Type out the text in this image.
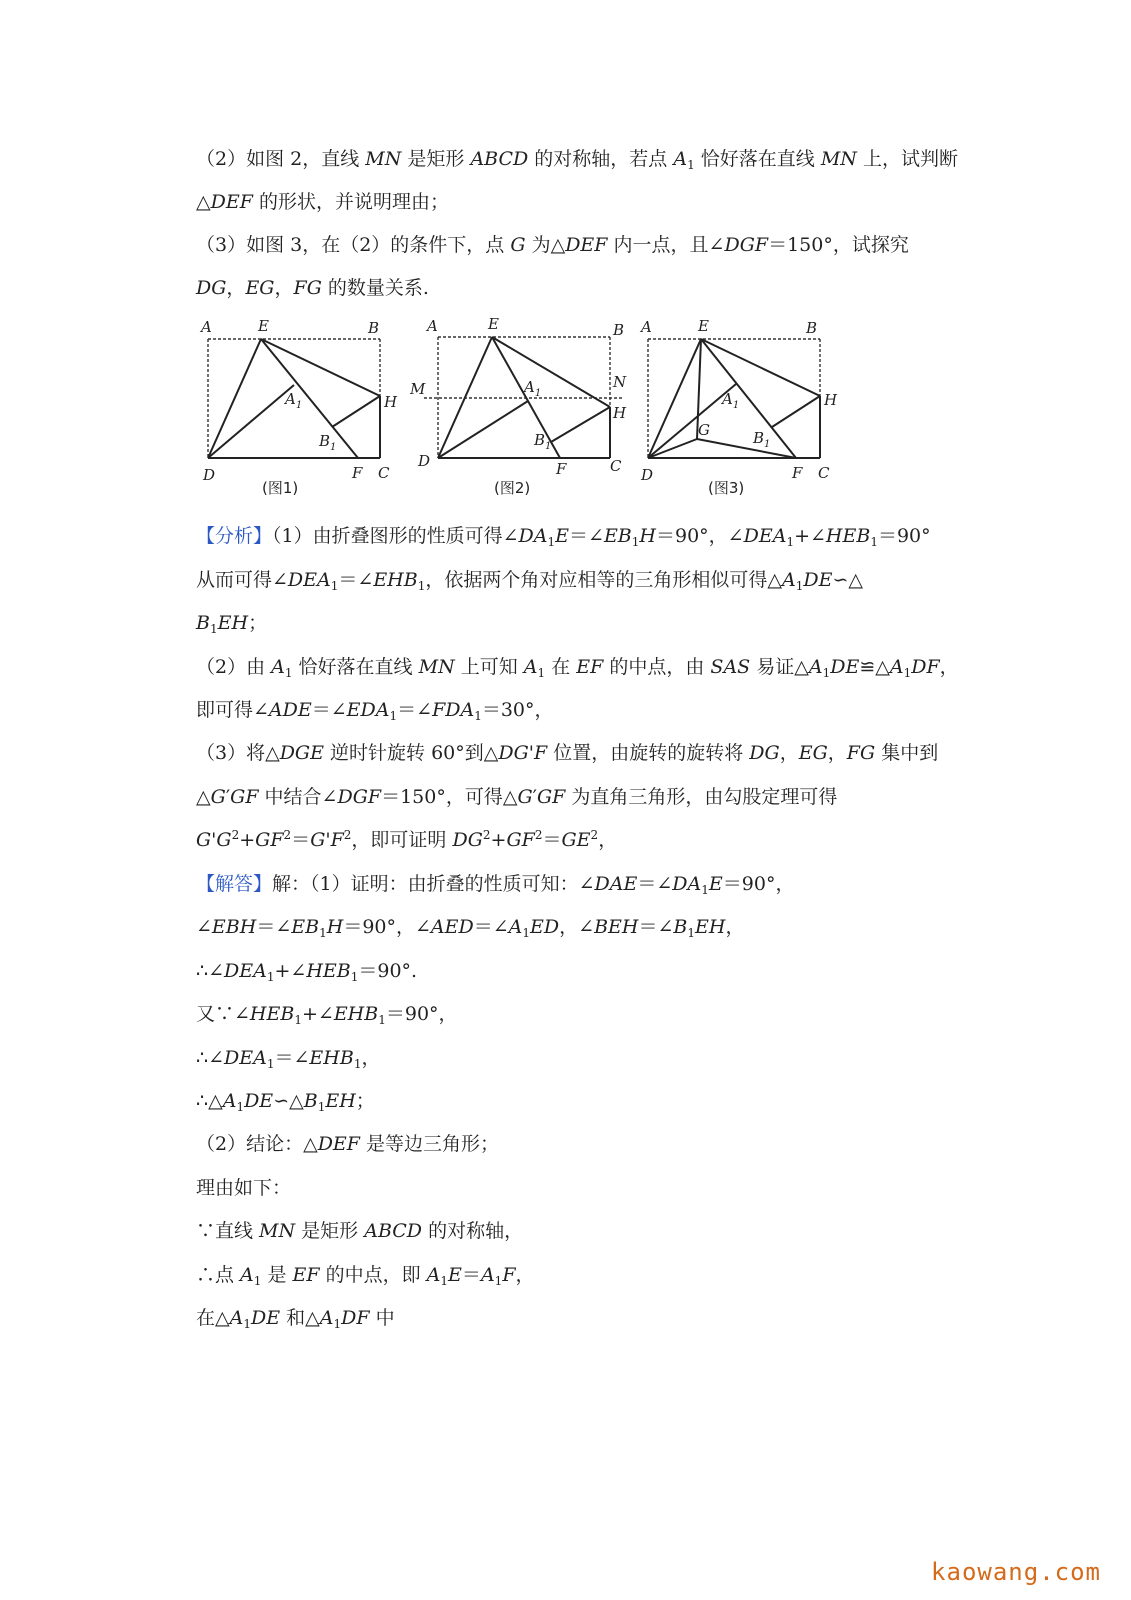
（2）如图 2，直线 MN 是矩形 ABCD 的对称轴，若点 $A_1$ 恰好落在直线 MN 上，试判断
△DEF 的形状，并说明理由；
（3）如图 3，在（2）的条件下，点 G 为△DEF 内一点，且∠DGF＝150°，试探究
DG，EG，FG 的数量关系.
A	E	B
$A_1$	H
$B_1$
D	F C
(图1)
A	E	B
M	$A_1$
N
H
$B_1$
D	F	C
(图2)
A	E	B
$A_1$	H
G	$B_1$
D	F C
(图3)
【分析】（1）由折叠图形的性质可得$\angle DA_1E=\angle EB_1H=90^\circ$，$\angle DEA_1+\angle HEB_1=90^\circ$
从而可得$\angle DEA_1=\angle EHB_1$，依据两个角对应相等的三角形相似可得$\triangle A_1DE∽\triangle$
$B_1EH$；
（2）由 $A_1$ 恰好落在直线 MN 上可知 $A_1$ 在 EF 的中点，由 SAS 易证$\triangle A_1DE≌\triangle A_1DF$，
即可得$\angle ADE=\angle EDA_1=\angle FDA_1=30^\circ$，
（3）将△DGE 逆时针旋转 60°到△DG'F 位置，由旋转的旋转将 DG，EG，FG 集中到
△G′GF 中结合∠DGF＝150°，可得△G′GF 为直角三角形，由勾股定理可得
$G'G^2+GF^2=G'F^2$，即可证明 $DG^2+GF^2=GE^2$，
【解答】解：（1）证明：由折叠的性质可知：$\angle DAE=\angle DA_1E=90^\circ$，
$\angle EBH=\angle EB_1H=90^\circ$，$\angle AED=\angle A_1ED$，$\angle BEH=\angle B_1EH$，
$\therefore\angle DEA_1+\angle HEB_1=90^\circ$.
又$\because\angle HEB_1+\angle EHB_1=90^\circ$，
$\therefore\angle DEA_1=\angle EHB_1$，
$\therefore\triangle A_1DE∽\triangle B_1EH$；
（2）结论：△DEF 是等边三角形；
理由如下：
∵直线 MN 是矩形 ABCD 的对称轴，
∴点 $A_1$ 是 EF 的中点，即 $A_1E=A_1F$，
在$\triangle A_1DE$ 和$\triangle A_1DF$ 中
kaowang.com
